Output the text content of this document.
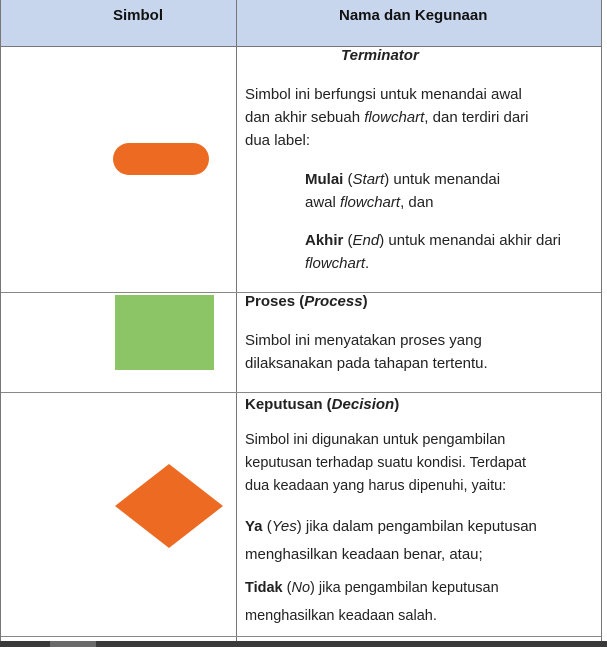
Simbol	Nama dan Kegunaan
Terminator
Simbol ini berfungsi untuk menandai awal
dan akhir sebuah flowchart, dan terdiri dari
dua label:
Mulai (Start) untuk menandai
awal flowchart, dan
Akhir (End) untuk menandai akhir dari
flowchart.
Proses (Process)
Simbol ini menyatakan proses yang
dilaksanakan pada tahapan tertentu.
Keputusan (Decision)
Simbol ini digunakan untuk pengambilan
keputusan terhadap suatu kondisi. Terdapat
dua keadaan yang harus dipenuhi, yaitu:
Ya (Yes) jika dalam pengambilan keputusan
menghasilkan keadaan benar, atau;
Tidak (No) jika pengambilan keputusan
menghasilkan keadaan salah.
